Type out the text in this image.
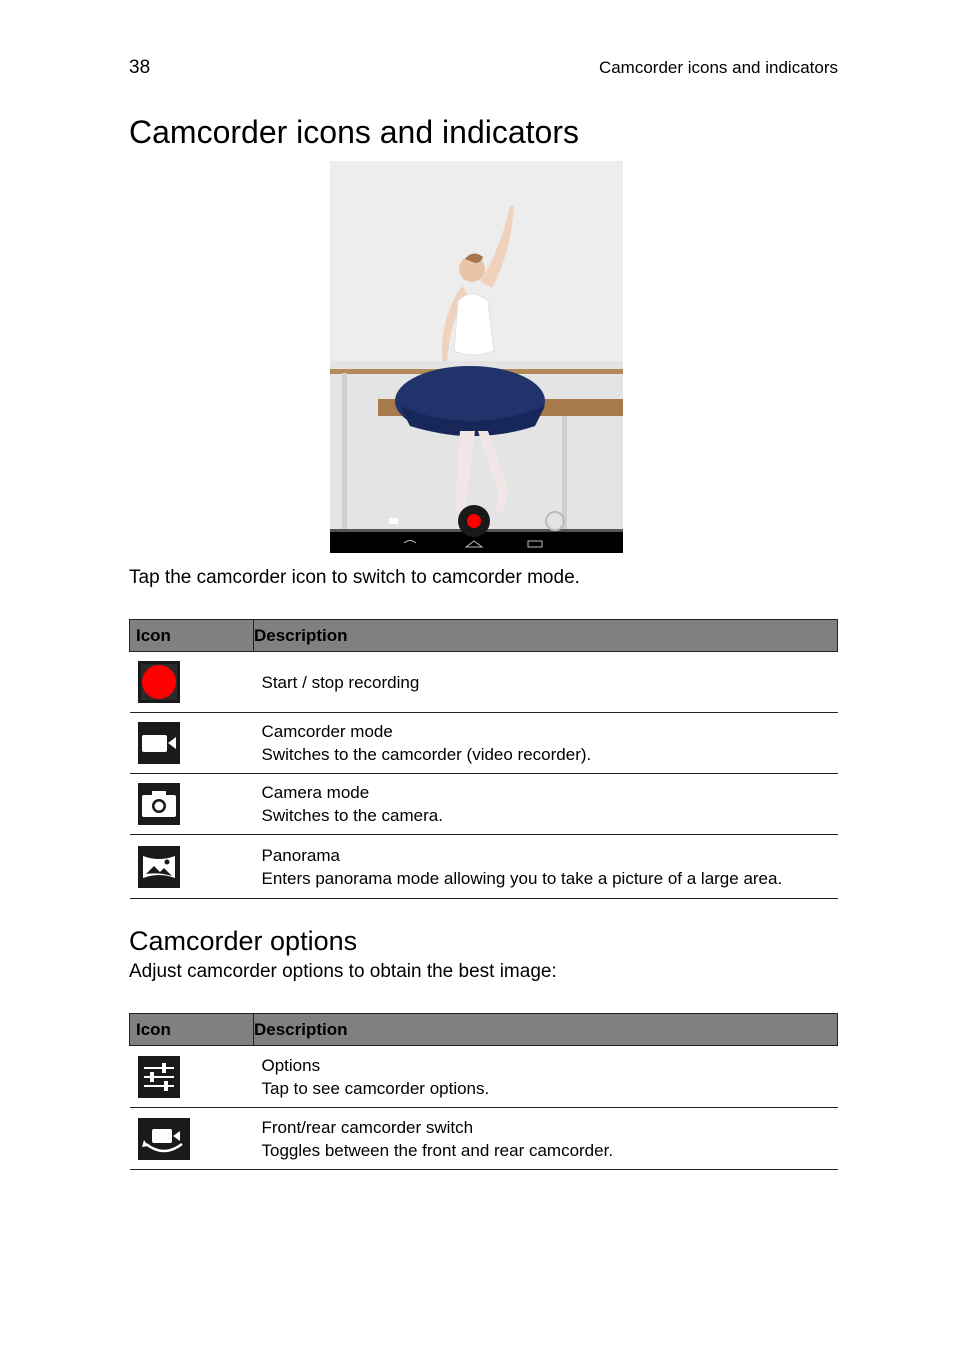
38	Camcorder icons and indicators
Camcorder icons and indicators
Tap the camcorder icon to switch to camcorder mode.
Icon	Description

Start / stop recording

Camcorder mode
Switches to the camcorder (video recorder).

Camera mode
Switches to the camera.

Panorama
Enters panorama mode allowing you to take a picture of a large area.
Camcorder options
Adjust camcorder options to obtain the best image:
Icon	Description

Options
Tap to see camcorder options.

Front/rear camcorder switch
Toggles between the front and rear camcorder.
